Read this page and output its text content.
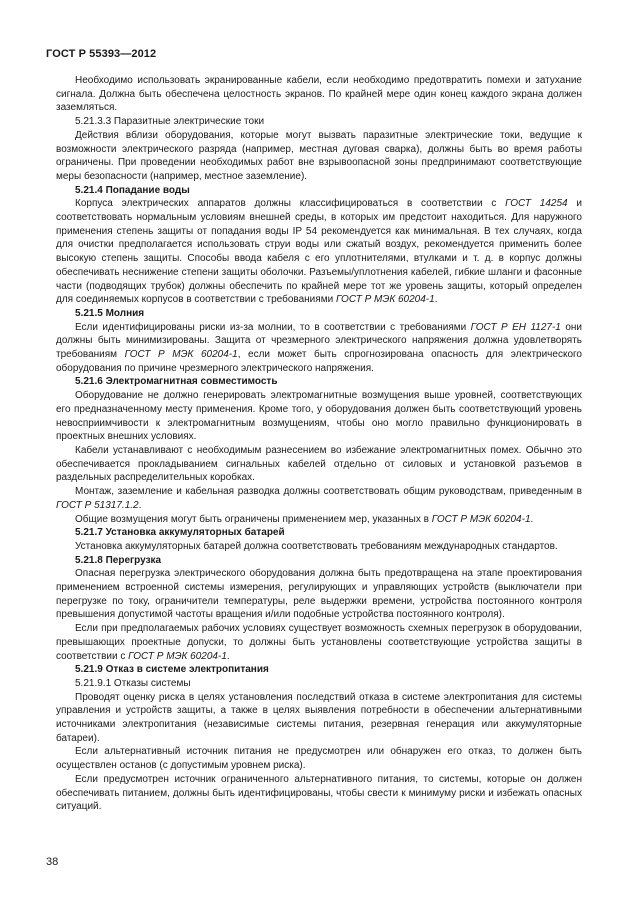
ГОСТ Р 55393—2012

Необходимо использовать экранированные кабели, если необходимо предотвратить помехи и затухание сигнала. Должна быть обеспечена целостность экранов. По крайней мере один конец каждого экрана должен заземляться.

5.21.3.3 Паразитные электрические токи

Действия вблизи оборудования, которые могут вызвать паразитные электрические токи, ведущие к возможности электрического разряда (например, местная дуговая сварка), должны быть во время работы ограничены. При проведении необходимых работ вне взрывоопасной зоны предпринимают соответствующие меры безопасности (например, местное заземление).

5.21.4 Попадание воды

Корпуса электрических аппаратов должны классифицироваться в соответствии с ГОСТ 14254 и соответствовать нормальным условиям внешней среды, в которых им предстоит находиться. Для наружного применения степень защиты от попадания воды IP 54 рекомендуется как минимальная. В тех случаях, когда для очистки предполагается использовать струи воды или сжатый воздух, рекомендуется применить более высокую степень защиты. Способы ввода кабеля с его уплотнителями, втулками и т. д. в корпус должны обеспечивать неснижение степени защиты оболочки. Разъемы/уплотнения кабелей, гибкие шланги и фасонные части (подводящих трубок) должны обеспечить по крайней мере тот же уровень защиты, который определен для соединяемых корпусов в соответствии с требованиями ГОСТ Р МЭК 60204-1.

5.21.5 Молния

Если идентифицированы риски из-за молнии, то в соответствии с требованиями ГОСТ Р ЕН 1127-1 они должны быть минимизированы. Защита от чрезмерного электрического напряжения должна удовлетворять требованиям ГОСТ Р МЭК 60204-1, если может быть спрогнозирована опасность для электрического оборудования по причине чрезмерного электрического напряжения.

5.21.6 Электромагнитная совместимость

Оборудование не должно генерировать электромагнитные возмущения выше уровней, соответствующих его предназначенному месту применения. Кроме того, у оборудования должен быть соответствующий уровень невосприимчивости к электромагнитным возмущениям, чтобы оно могло правильно функционировать в проектных внешних условиях.

Кабели устанавливают с необходимым разнесением во избежание электромагнитных помех. Обычно это обеспечивается прокладыванием сигнальных кабелей отдельно от силовых и установкой разъемов в раздельных распределительных коробках.

Монтаж, заземление и кабельная разводка должны соответствовать общим руководствам, приведенным в ГОСТ Р 51317.1.2.

Общие возмущения могут быть ограничены применением мер, указанных в ГОСТ Р МЭК 60204-1.

5.21.7 Установка аккумуляторных батарей

Установка аккумуляторных батарей должна соответствовать требованиям международных стандартов.

5.21.8 Перегрузка

Опасная перегрузка электрического оборудования должна быть предотвращена на этапе проектирования применением встроенной системы измерения, регулирующих и управляющих устройств (выключатели при перегрузке по току, ограничители температуры, реле выдержки времени, устройства постоянного контроля превышения допустимой частоты вращения и/или подобные устройства постоянного контроля).

Если при предполагаемых рабочих условиях существует возможность схемных перегрузок в оборудовании, превышающих проектные допуски, то должны быть установлены соответствующие устройства защиты в соответствии с ГОСТ Р МЭК 60204-1.

5.21.9 Отказ в системе электропитания

5.21.9.1 Отказы системы

Проводят оценку риска в целях установления последствий отказа в системе электропитания для системы управления и устройств защиты, а также в целях выявления потребности в обеспечении альтернативными источниками электропитания (независимые системы питания, резервная генерация или аккумуляторные батареи).

Если альтернативный источник питания не предусмотрен или обнаружен его отказ, то должен быть осуществлен останов (с допустимым уровнем риска).

Если предусмотрен источник ограниченного альтернативного питания, то системы, которые он должен обеспечивать питанием, должны быть идентифицированы, чтобы свести к минимуму риски и избежать опасных ситуаций.

38
